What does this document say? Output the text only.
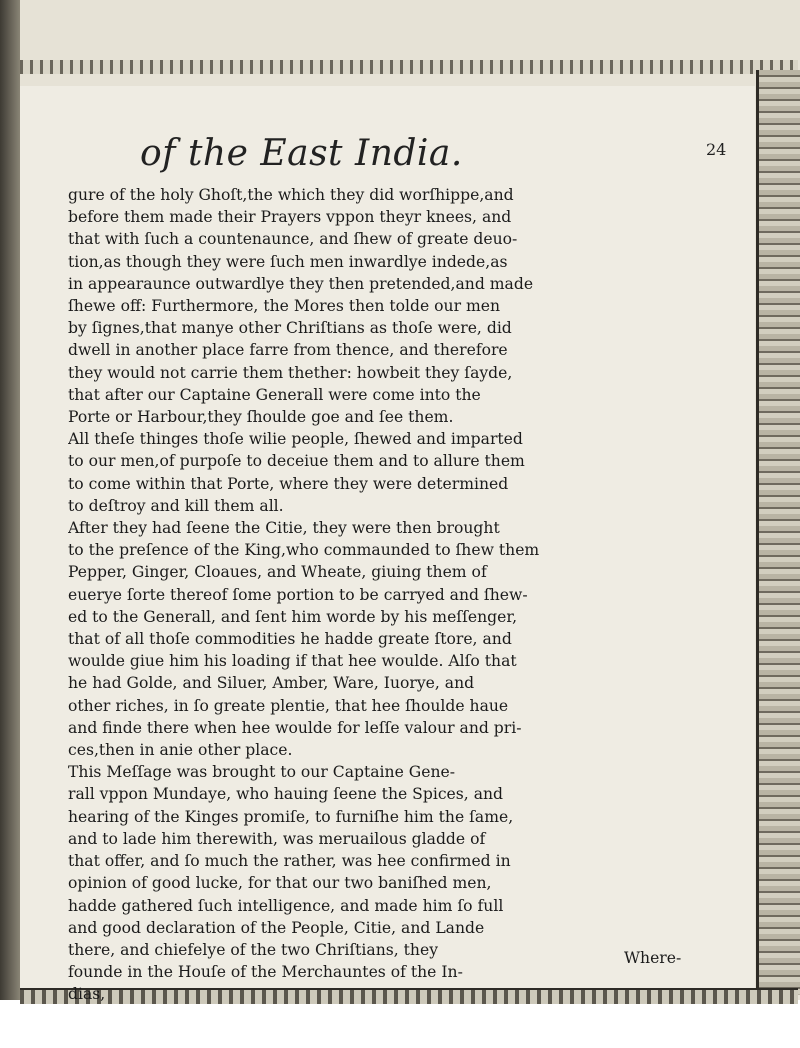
of the East India.	24
gure of the holy Ghoſt,the which they did worſhippe,and
before them made their Prayers vppon theyr knees, and
that with ſuch a countenaunce, and ſhew of greate deuo-
tion,as though they were ſuch men inwardlye indede,as
in appearaunce outwardlye they then pretended,and made
ſhewe off: Furthermore, the Mores then tolde our men
by ſignes,that manye other Chriſtians as thoſe were, did
dwell in another place farre from thence, and therefore
they would not carrie them thether: howbeit they ſayde,
that after our Captaine Generall were come into the
Porte or Harbour,they ſhoulde goe and ſee them.
All theſe thinges thoſe wilie people, ſhewed and imparted
to our men,of purpoſe to deceiue them and to allure them
to come within that Porte, where they were determined
to deſtroy and kill them all.
After they had ſeene the Citie, they were then brought
to the preſence of the King,who commaunded to ſhew them
Pepper, Ginger, Cloaues, and Wheate, giuing them of
euerye ſorte thereof ſome portion to be carryed and ſhew-
ed to the Generall, and ſent him worde by his meſſenger,
that of all thoſe commodities he hadde greate ſtore, and
woulde giue him his loading if that hee woulde. Alſo that
he had Golde, and Siluer, Amber, Ware, Iuorye, and
other riches, in ſo greate plentie, that hee ſhoulde haue
and finde there when hee woulde for leſſe valour and pri-
ces,then in anie other place.
This Meſſage was brought to our Captaine Gene-
rall vppon Mundaye, who hauing ſeene the Spices, and
hearing of the Kinges promiſe, to furniſhe him the ſame,
and to lade him therewith, was meruailous gladde of
that offer, and ſo much the rather, was hee confirmed in
opinion of good lucke, for that our two baniſhed men,
hadde gathered ſuch intelligence, and made him ſo full
and good declaration of the People, Citie, and Lande
there, and chiefelye of the two Chriſtians, they
founde in the Houſe of the Merchauntes of the In-
dias,
Where-
